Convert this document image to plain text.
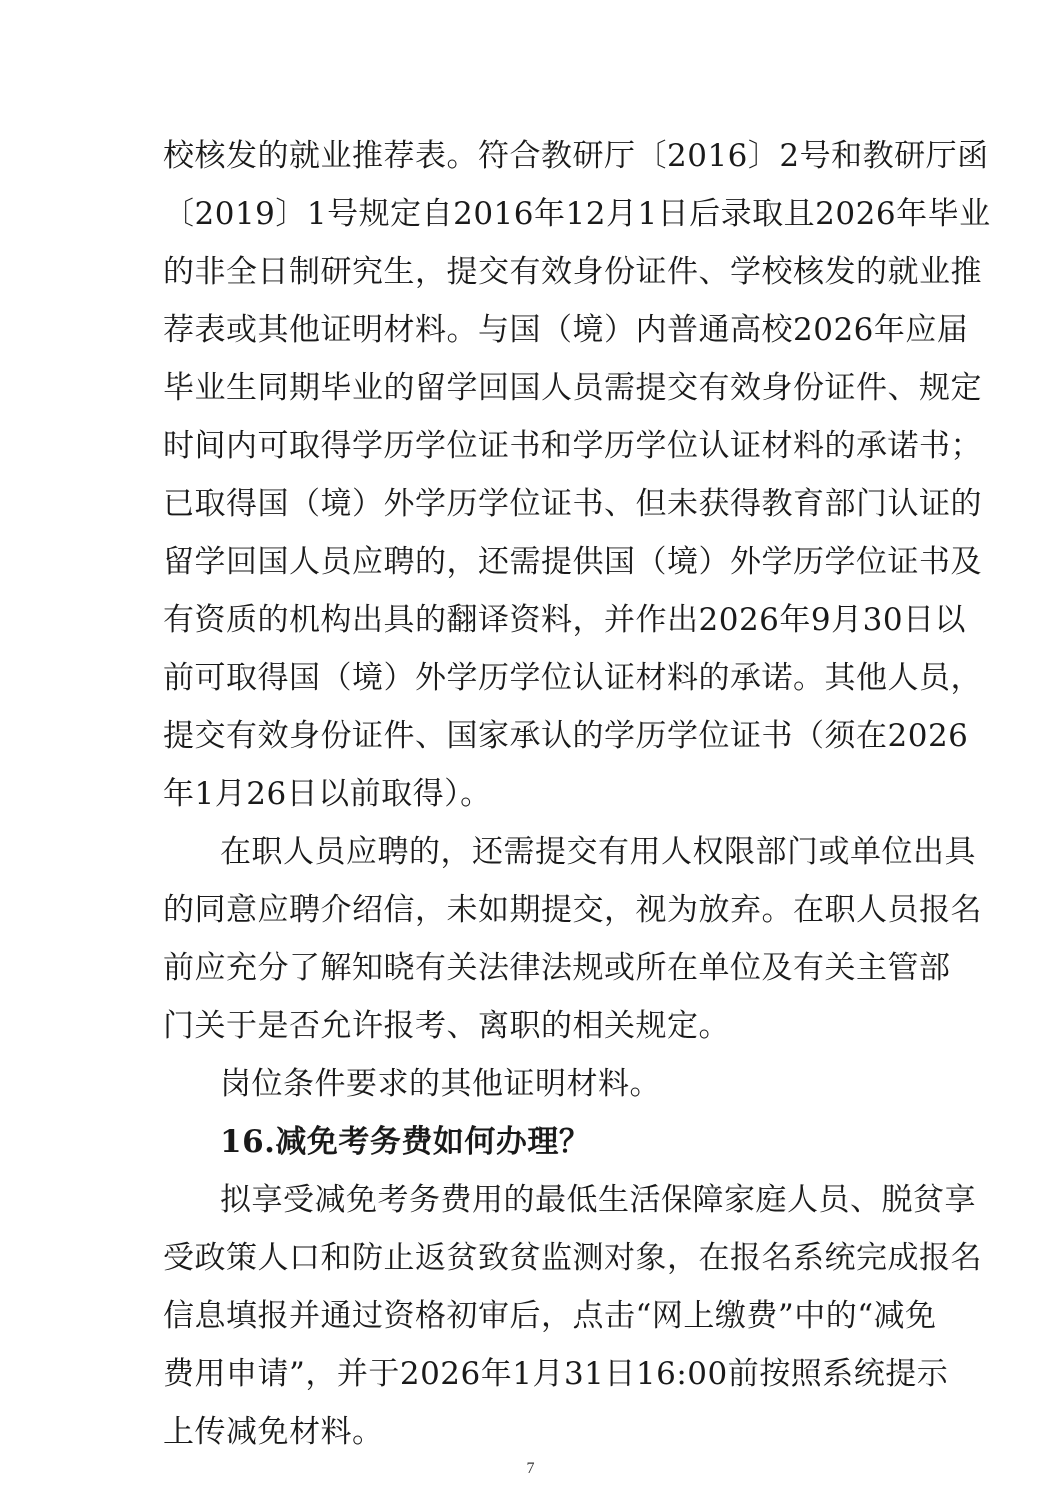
校核发的就业推荐表。符合教研厅〔2016〕2号和教研厅函
〔2019〕1号规定自2016年12月1日后录取且2026年毕业
的非全日制研究生，提交有效身份证件、学校核发的就业推
荐表或其他证明材料。与国（境）内普通高校2026年应届
毕业生同期毕业的留学回国人员需提交有效身份证件、规定
时间内可取得学历学位证书和学历学位认证材料的承诺书；
已取得国（境）外学历学位证书、但未获得教育部门认证的
留学回国人员应聘的，还需提供国（境）外学历学位证书及
有资质的机构出具的翻译资料，并作出2026年9月30日以
前可取得国（境）外学历学位认证材料的承诺。其他人员，
提交有效身份证件、国家承认的学历学位证书（须在2026
年1月26日以前取得）。
在职人员应聘的，还需提交有用人权限部门或单位出具
的同意应聘介绍信，未如期提交，视为放弃。在职人员报名
前应充分了解知晓有关法律法规或所在单位及有关主管部
门关于是否允许报考、离职的相关规定。
岗位条件要求的其他证明材料。
16.减免考务费如何办理？
拟享受减免考务费用的最低生活保障家庭人员、脱贫享
受政策人口和防止返贫致贫监测对象，在报名系统完成报名
信息填报并通过资格初审后，点击“网上缴费”中的“减免
费用申请”，并于2026年1月31日16:00前按照系统提示
上传减免材料。
7
